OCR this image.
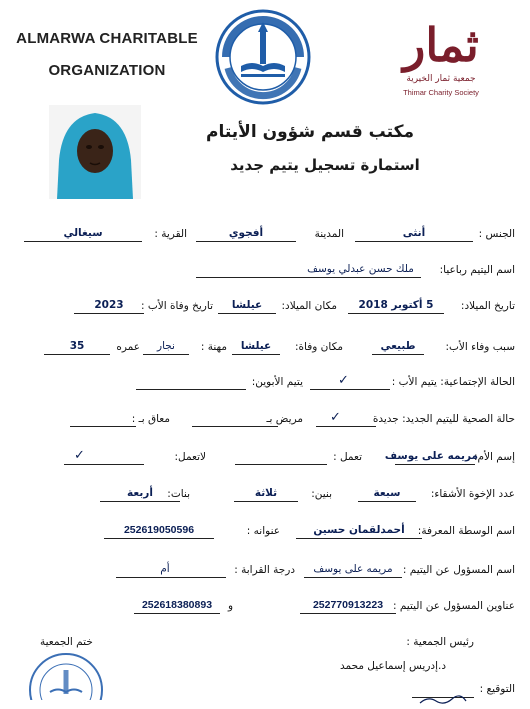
ALMARWA CHARITABLE
ORGANIZATION	ثمار
جمعية ثمار الخيرية
Thimar Charity Society
مكتب قسم شؤون الأيتام
استمارة تسجيل يتيم جديد
الجنس :
أنثى
المدينة
أفجوي
القرية :
سيغالي
اسم اليتيم رباعيا:
ملك حسن عبدلي يوسف
تاريخ الميلاد:
5 أكتوبر 2018
مكان الميلاد:
عيلشا
تاريخ وفاة الأب :
2023
سبب وفاء الأب:
طبيعي
مكان وفاة:
عيلشا
مهنة :
نجار
عمره
35
الحالة الإجتماعية: يتيم الأب :
✓
يتيم الأبوين:
حالة الصحية لليتيم الجديد: جديدة
✓
مريض بـ
معاق بـ :
إسم الأم:
مريمه على يوسف
تعمل :
لاتعمل:
✓
عدد الإخوة الأشقاء:
سبعة
بنين:
ثلاثة
بنات:
أربعة
اسم الوسطة المعرفة:
أحمدلقمان حسين
عنوانه :
252619050596
اسم المسؤول عن اليتيم :
مريمه على يوسف
درجة القرابة :
أم
عناوين المسؤول عن اليتيم :
252770913223
و
252618380893
رئيس الجمعية :
ختم الجمعية
د.إدريس إسماعيل محمد
التوقيع :
